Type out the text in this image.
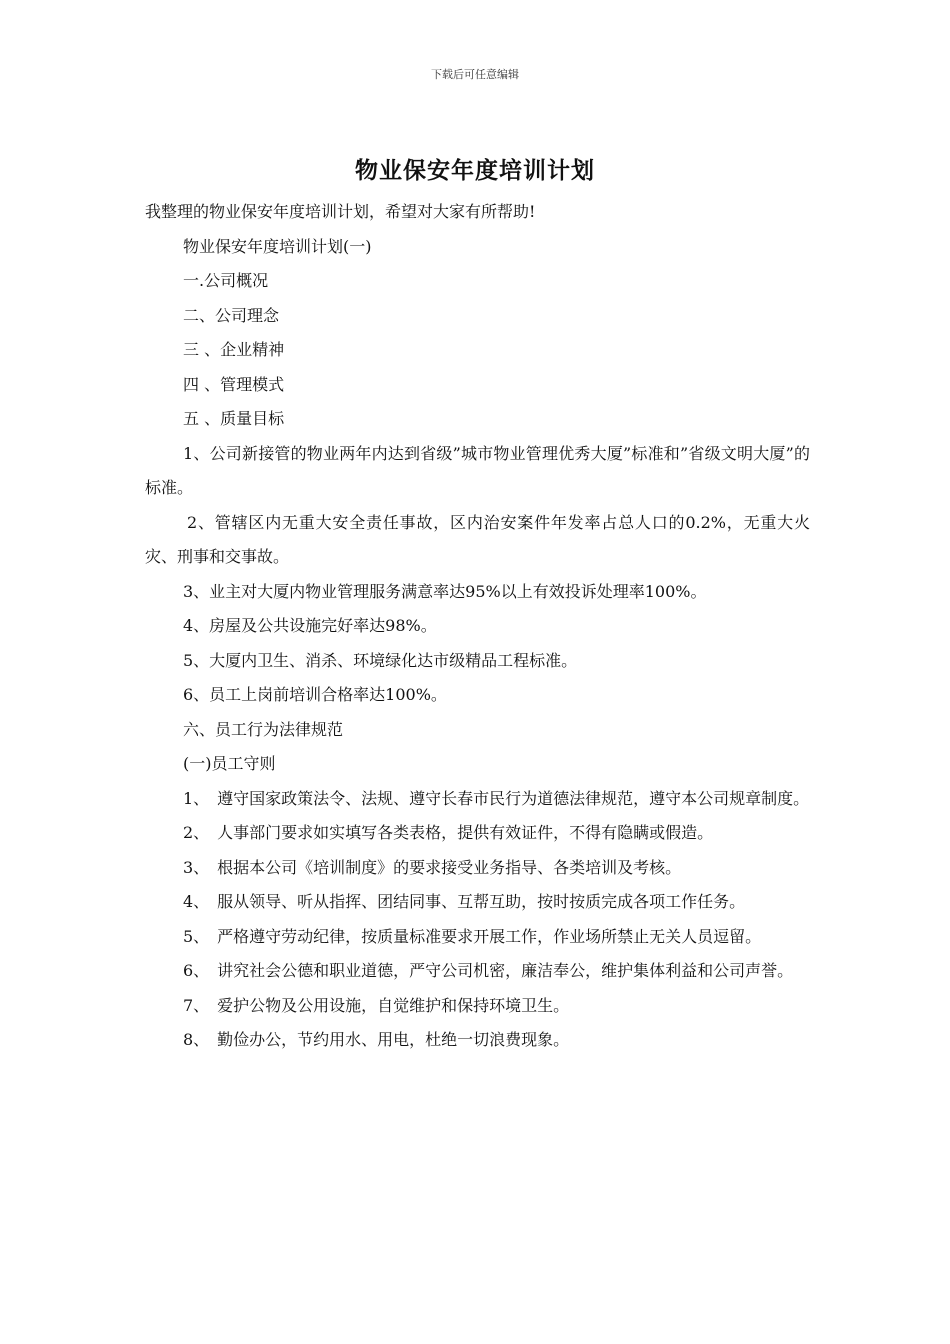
下载后可任意编辑
物业保安年度培训计划

我整理的物业保安年度培训计划，希望对大家有所帮助!

物业保安年度培训计划(一)

一.公司概况

二、公司理念

三 、企业精神

四 、管理模式

五 、质量目标

1、公司新接管的物业两年内达到省级”城市物业管理优秀大厦”标准和”省级文明大厦”的标准。

2、管辖区内无重大安全责任事故，区内治安案件年发率占总人口的0.2%，无重大火灾、刑事和交事故。

3、业主对大厦内物业管理服务满意率达95%以上有效投诉处理率100%。

4、房屋及公共设施完好率达98%。

5、大厦内卫生、消杀、环境绿化达市级精品工程标准。

6、员工上岗前培训合格率达100%。

六、员工行为法律规范

(一)员工守则

1、　遵守国家政策法令、法规、遵守长春市民行为道德法律规范，遵守本公司规章制度。

2、　人事部门要求如实填写各类表格，提供有效证件，不得有隐瞒或假造。

3、　根据本公司《培训制度》的要求接受业务指导、各类培训及考核。

4、　服从领导、听从指挥、团结同事、互帮互助，按时按质完成各项工作任务。

5、　严格遵守劳动纪律，按质量标准要求开展工作，作业场所禁止无关人员逗留。

6、　讲究社会公德和职业道德，严守公司机密，廉洁奉公，维护集体利益和公司声誉。

7、　爱护公物及公用设施，自觉维护和保持环境卫生。

8、　勤俭办公，节约用水、用电，杜绝一切浪费现象。
